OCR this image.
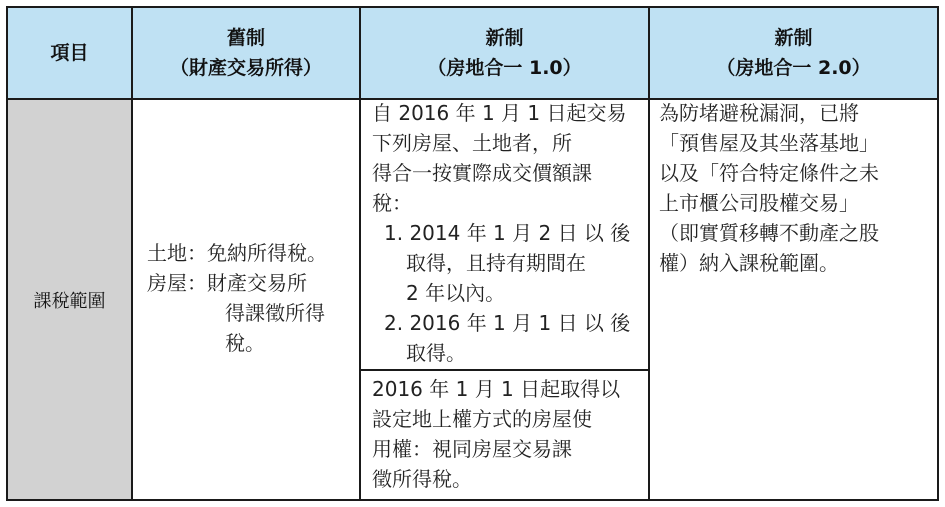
項目
舊制
（財產交易所得）
新制
（房地合一 1.0）
新制
（房地合一 2.0）
課稅範圍
土地：免納所得稅。
房屋：財產交易所
得課徵所得
稅。
自 2016 年 1 月 1 日起交易
下列房屋、土地者，所
得合一按實際成交價額課
稅：
1. 2014 年 1 月 2 日 以 後
取得，且持有期間在
2 年以內。
2. 2016 年 1 月 1 日 以 後
取得。
2016 年 1 月 1 日起取得以
設定地上權方式的房屋使
用權：視同房屋交易課
徵所得稅。
為防堵避稅漏洞，已將
「預售屋及其坐落基地」
以及「符合特定條件之未
上市櫃公司股權交易」
（即實質移轉不動產之股
權）納入課稅範圍。
